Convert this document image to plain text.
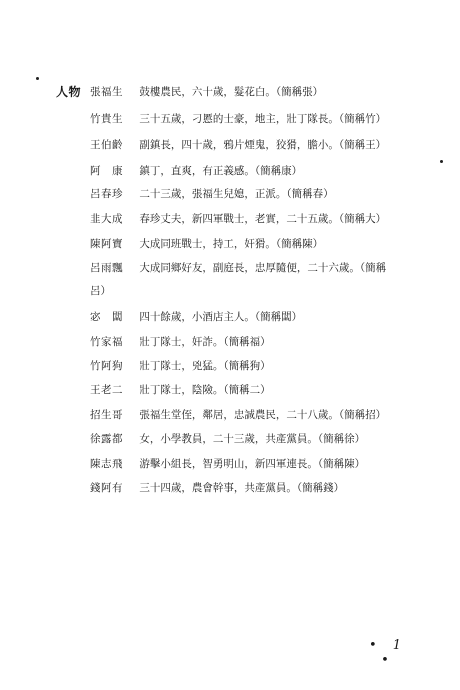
人物 張福生 鼓樓農民，六十歲，髮花白。（簡稱張）
竹貴生 三十五歲，刁慝的士豪，地主，壯丁隊長。（簡稱竹）
王伯齡 副鎮長，四十歲，鴉片煙鬼，狡猾，膽小。（簡稱王）
阿　康 鎮丁，直爽，有正義感。（簡稱康）
呂春珍 二十三歲，張福生兒媳，正派。（簡稱春）
韭大成 春珍丈夫，新四軍戰士，老實，二十五歲。（簡稱大）
陳阿寶 大成同班戰士，持工，奸猾。（簡稱陳）
呂雨飄 大成同鄉好友，副庭長，忠厚隨便，二十六歲。（簡稱
呂）
宓　闆 四十餘歲，小酒店主人。（簡稱闆）
竹家福 壯丁隊士，奸詐。（簡稱福）
竹阿狗 壯丁隊士，兇猛。（簡稱狗）
王老二 壯丁隊士，陰險。（簡稱二）
招生哥 張福生堂侄，鄰居，忠誠農民，二十八歲。（簡稱招）
徐露都 女，小學教員，二十三歲，共產黨員。（簡稱徐）
陳志飛 游擊小組長，智勇明山，新四軍連長。（簡稱陳）
錢阿有 三十四歲，農會幹事，共產黨員。（簡稱錢）
• 1 •
